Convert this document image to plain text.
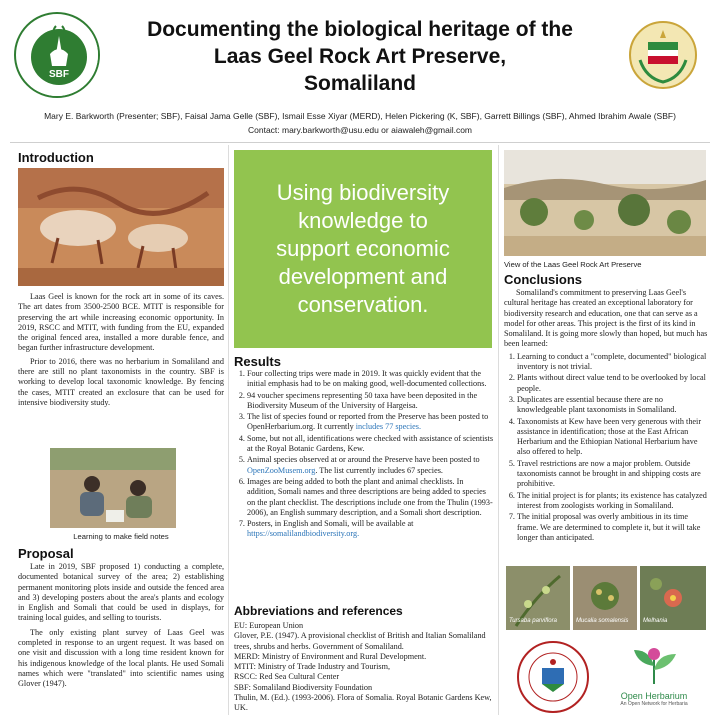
SBF
Documenting the biological heritage of the
Laas Geel Rock Art Preserve,
Somaliland
Mary E. Barkworth (Presenter; SBF), Faisal Jama Gelle (SBF), Ismail Esse Xiyar (MERD), Helen Pickering (K, SBF), Garrett Billings (SBF), Ahmed Ibrahim Awale (SBF)
Contact: mary.barkworth@usu.edu or aiawaleh@gmail.com
Introduction

Laas Geel is known for the rock art in some of its caves. The art dates from 3500-2500 BCE. MTIT is responsible for preserving the art while increasing economic opportunity. In 2019, RSCC and MTIT, with funding from the EU, expanded the original fenced area, installed a more durable fence, and began further infrastructure development.

Prior to 2016, there was no herbarium in Somaliland and there are still no plant taxonomists in the country. SBF is working to develop local taxonomic knowledge. By fencing the cases, MTIT created an exclosure that can be used for intensive biodiversity study.

Learning to make field notes
Proposal

Late in 2019, SBF proposed 1) conducting a complete, documented botanical survey of the area; 2) establishing permanent monitoring plots inside and outside the fenced area and 3) developing posters about the area's plants and ecology in English and Somali that could be used in displays, for training local guides, and selling to tourists.

The only existing plant survey of Laas Geel was completed in response to an urgent request. It was based on one visit and discussion with a long time resident known for his indigenous knowledge of the local plants. He used Somali names which were "translated" into scientific names using Glover (1947).

Using biodiversity knowledge to support economic development and conservation.
Results
1. Four collecting trips were made in 2019. It was quickly evident that the initial emphasis had to be on making good, well-documented collections.
2. 94 voucher specimens representing 50 taxa have been deposited in the Biodiversity Museum of the University of Hargeisa.
3. The list of species found or reported from the Preserve has been posted to OpenHerbarium.org. It currently includes 77 species.
4. Some, but not all, identifications were checked with assistance of scientists at the Royal Botanic Gardens, Kew.
5. Animal species observed at or around the Preserve have been posted to OpenZooMusem.org. The list currently includes 67 species.
6. Images are being added to both the plant and animal checklists. In addition, Somali names and three descriptions are being added to species on the plant checklist. The descriptions include one from the Thulin (1993-2006), an English summary description, and a Somali short description.
7. Posters, in English and Somali, will be available at https://somalilandbiodiversity.org.
Abbreviations and references

EU: European Union

Glover, P.E. (1947). A provisional checklist of British and Italian Somaliland trees, shrubs and herbs. Government of Somaliland.

MERD: Ministry of Environment and Rural Development.

MTIT: Ministry of Trade Industry and Tourism,

RSCC: Red Sea Cultural Center

SBF: Somaliland Biodiversity Foundation

Thulin, M. (Ed.). (1993-2006). Flora of Somalia. Royal Botanic Gardens Kew, UK.

View of the Laas Geel Rock Art Preserve
Conclusions

Somaliland's commitment to preserving Laas Geel's cultural heritage has created an exceptional laboratory for biodiversity research and education, one that can serve as a model for other areas. This project is the first of its kind in Somaliland. It is going more slowly than hoped, but much has been learned:

1. Learning to conduct a "complete, documented" biological inventory is not trivial.
2. Plants without direct value tend to be overlooked by local people.
3. Duplicates are essential because there are no knowledgeable plant taxonomists in Somaliland.
4. Taxonomists at Kew have been very generous with their assistance in identification; those at the East African Herbarium and the Ethiopian National Herbarium have also offered to help.
5. Travel restrictions are now a major problem. Outside taxonomists cannot be brought in and shipping costs are prohibitive.
6. The initial project is for plants; its existence has catalyzed interest from zoologists working in Somaliland.
7. The initial proposal was overly ambitious in its time frame. We are determined to complete it, but it will take longer than anticipated.
Tursaba parviflora	Mucalia somalensis Melhania
Open Herbarium
An Open Network for Herbaria
